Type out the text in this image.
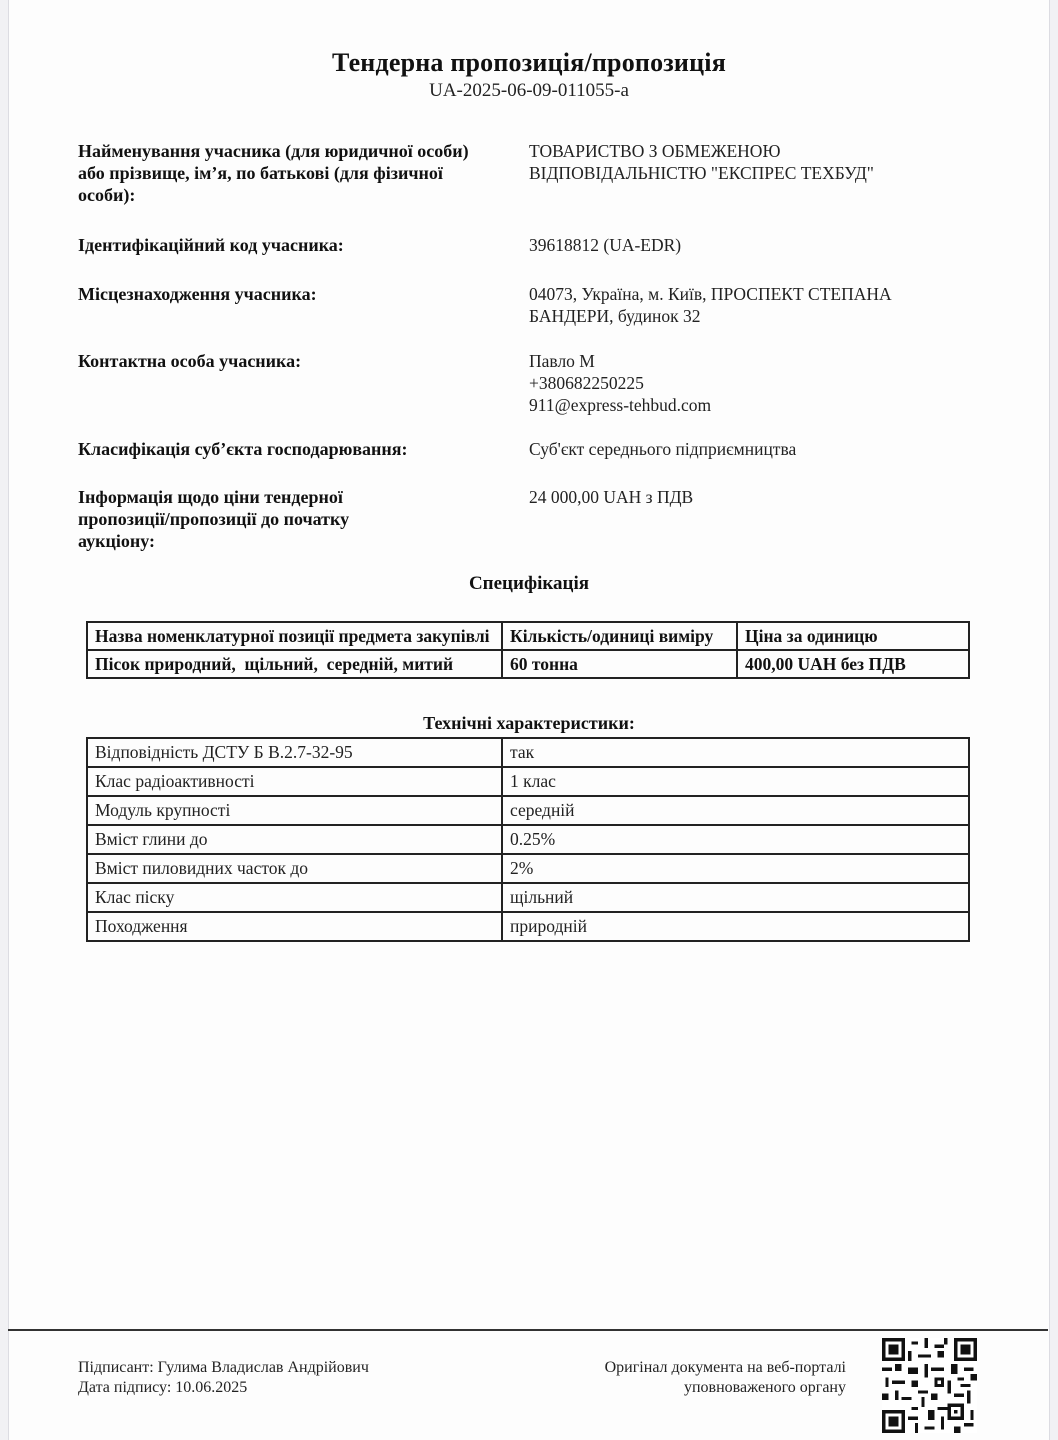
Тендерна пропозиція/пропозиція
UA-2025-06-09-011055-a
Найменування учасника (для юридичної особи) або прізвище, ім’я, по батькові (для фізичної особи):
ТОВАРИСТВО З ОБМЕЖЕНОЮ ВІДПОВІДАЛЬНІСТЮ "ЕКСПРЕС ТЕХБУД"
Ідентифікаційний код учасника:	39618812 (UA-EDR)
Місцезнаходження учасника:	04073, Україна, м. Київ, ПРОСПЕКТ СТЕПАНА БАНДЕРИ, будинок 32
Контактна особа учасника:	Павло М
+380682250225
911@express-tehbud.com
Класифікація суб’єкта господарювання:	Суб'єкт середнього підприємництва
Інформація щодо ціни тендерної пропозиції/пропозиції до початку аукціону:
24 000,00 UAH з ПДВ
Специфікація
Назва номенклатурної позиції предмета закупівлі	Кількість/одиниці виміру	Ціна за одиницю
Пісок природний,  щільний,  середній, митий	60 тонна	400,00 UAH без ПДВ
Технічні характеристики:
Відповідність ДСТУ Б В.2.7-32-95	так
Клас радіоактивності	1 клас
Модуль крупності	середній
Вміст глини до	0.25%
Вміст пиловидних часток до	2%
Клас піску	щільний
Походження	природній
Підписант: Гулима Владислав Андрійович
Дата підпису: 10.06.2025
Оригінал документа на веб-порталі
уповноваженого органу
